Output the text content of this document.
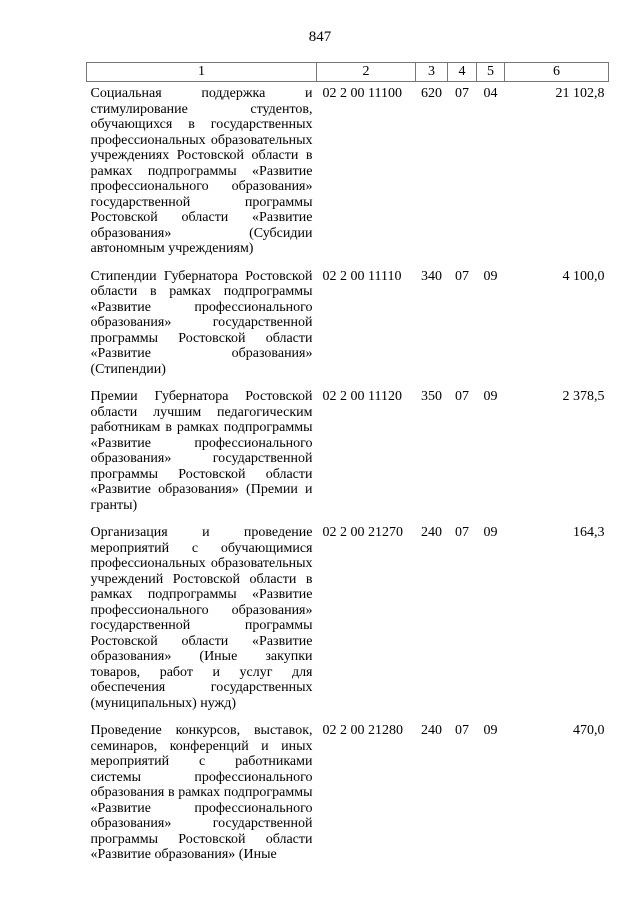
847
1	2	3	4	5	6
Социальная поддержка и стимулирование студентов, обучающихся в государственных профессиональных образовательных учреждениях Ростовской области в рамках подпрограммы «Развитие профессионального образования» государственной программы Ростовской области «Развитие образования» (Субсидии автономным учреждениям)	02 2 00 11100	620	07	04	21 102,8
Стипендии Губернатора Ростовской области в рамках подпрограммы «Развитие профессионального образования» государственной программы Ростовской области «Развитие образования» (Стипендии)	02 2 00 11110	340	07	09	4 100,0
Премии Губернатора Ростовской области лучшим педагогическим работникам в рамках подпрограммы «Развитие профессионального образования» государственной программы Ростовской области «Развитие образования» (Премии и гранты)	02 2 00 11120	350	07	09	2 378,5
Организация и проведение мероприятий с обучающимися профессиональных образовательных учреждений Ростовской области в рамках подпрограммы «Развитие профессионального образования» государственной программы Ростовской области «Развитие образования» (Иные закупки товаров, работ и услуг для обеспечения государственных (муниципальных) нужд)	02 2 00 21270	240	07	09	164,3
Проведение конкурсов, выставок, семинаров, конференций и иных мероприятий с работниками системы профессионального образования в рамках подпрограммы «Развитие профессионального образования» государственной программы Ростовской области «Развитие образования» (Иные	02 2 00 21280	240	07	09	470,0
